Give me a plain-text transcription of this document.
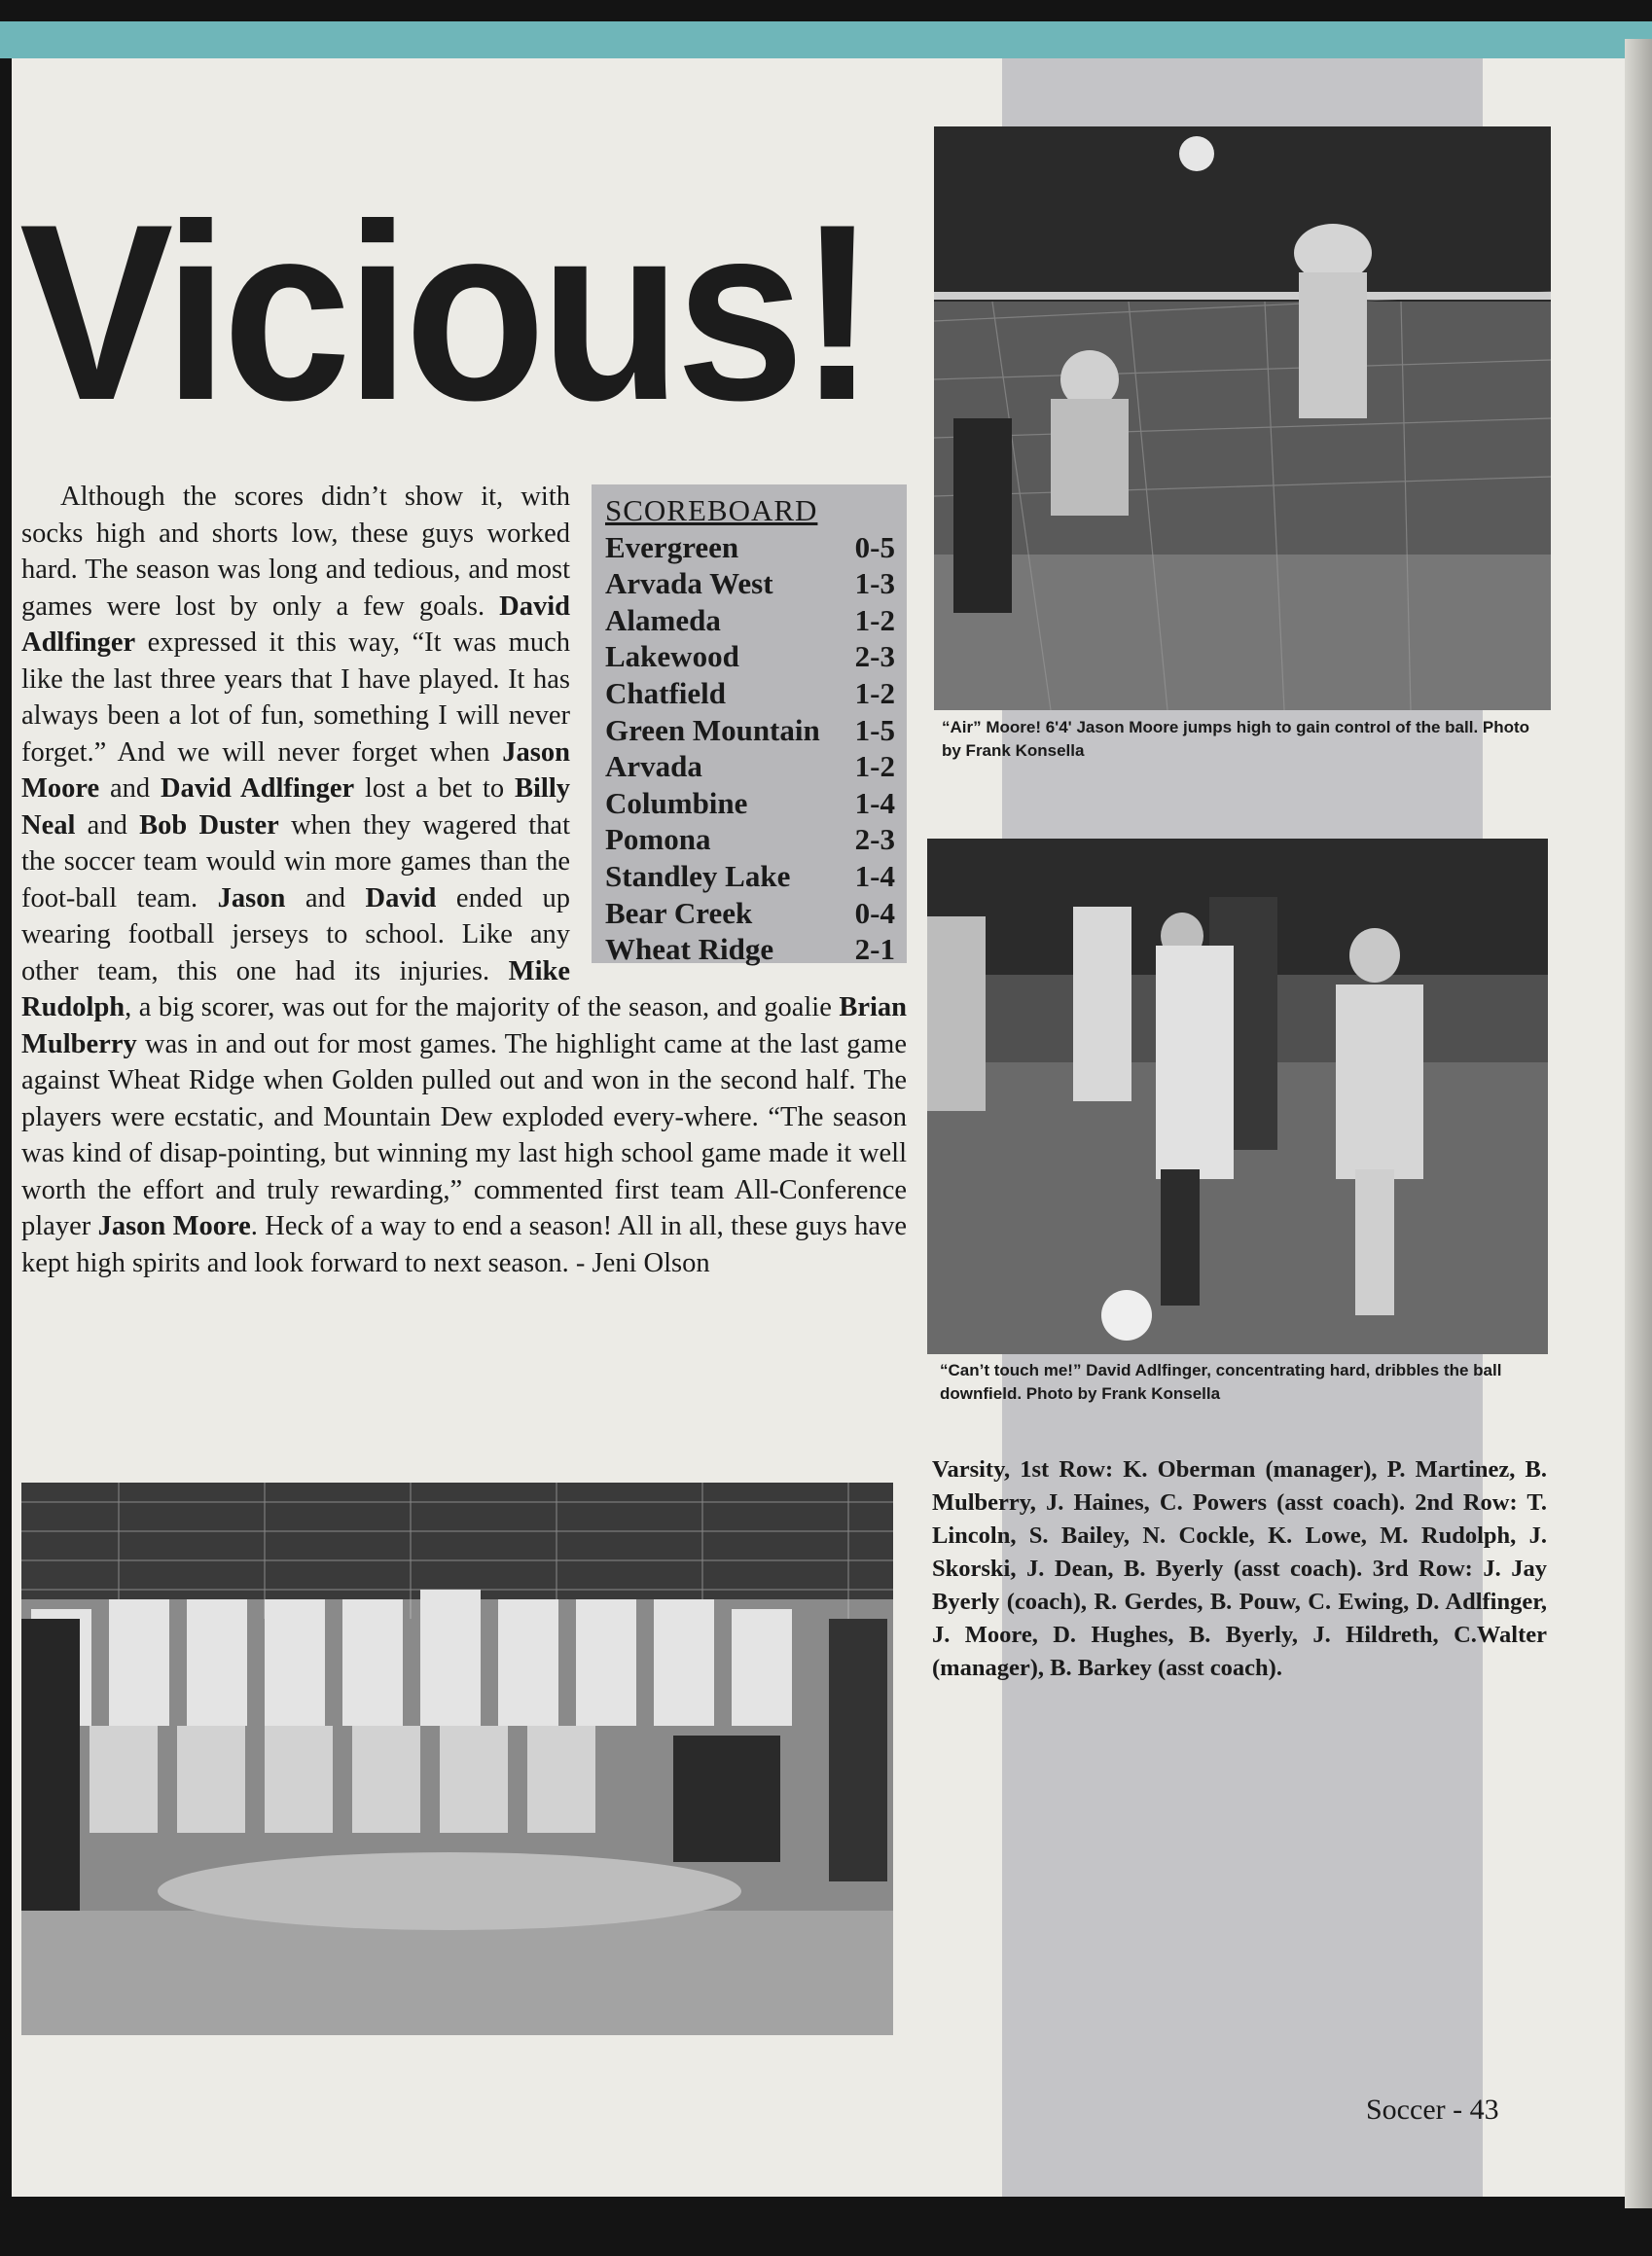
Vicious!

SCOREBOARD
Evergreen	0-5
Arvada West	1-3
Alameda	1-2
Lakewood	2-3
Chatfield	1-2
Green Mountain 1-5
Arvada	1-2
Columbine	1-4
Pomona	2-3
Standley Lake 1-4
Bear Creek	0-4
Wheat Ridge	2-1
Although the scores didn’t show it, with socks high and shorts low, these guys worked hard. The season was long and tedious, and most games were lost by only a few goals. David Adlfinger expressed it this way, “It was much like the last three years that I have played. It has always been a lot of fun, something I will never forget.” And we will never forget when Jason Moore and David Adlfinger lost a bet to Billy Neal and Bob Duster when they wagered that the soccer team would win more games than the foot-ball team. Jason and David ended up wearing football jerseys to school. Like any other team, this one had its injuries. Mike Rudolph, a big scorer, was out for the majority of the season, and goalie Brian Mulberry was in and out for most games. The highlight came at the last game against Wheat Ridge when Golden pulled out and won in the second half. The players were ecstatic, and Mountain Dew exploded every-where. “The season was kind of disap-pointing, but winning my last high school game made it well worth the effort and truly rewarding,” commented first team All-Conference player Jason Moore. Heck of a way to end a season! All in all, these guys have kept high spirits and look forward to next season. - Jeni Olson

“Air” Moore! 6'4' Jason Moore jumps high to gain control of the ball. Photo by Frank Konsella
“Can’t touch me!” David Adlfinger, concentrating hard, dribbles the ball downfield. Photo by Frank Konsella
Varsity, 1st Row: K. Oberman (manager), P. Martinez, B. Mulberry, J. Haines, C. Powers (asst coach). 2nd Row: T. Lincoln, S. Bailey, N. Cockle, K. Lowe, M. Rudolph, J. Skorski, J. Dean, B. Byerly (asst coach). 3rd Row: J. Jay Byerly (coach), R. Gerdes, B. Pouw, C. Ewing, D. Adlfinger, J. Moore, D. Hughes, B. Byerly, J. Hildreth, C.Walter (manager), B. Barkey (asst coach).
Soccer - 43
